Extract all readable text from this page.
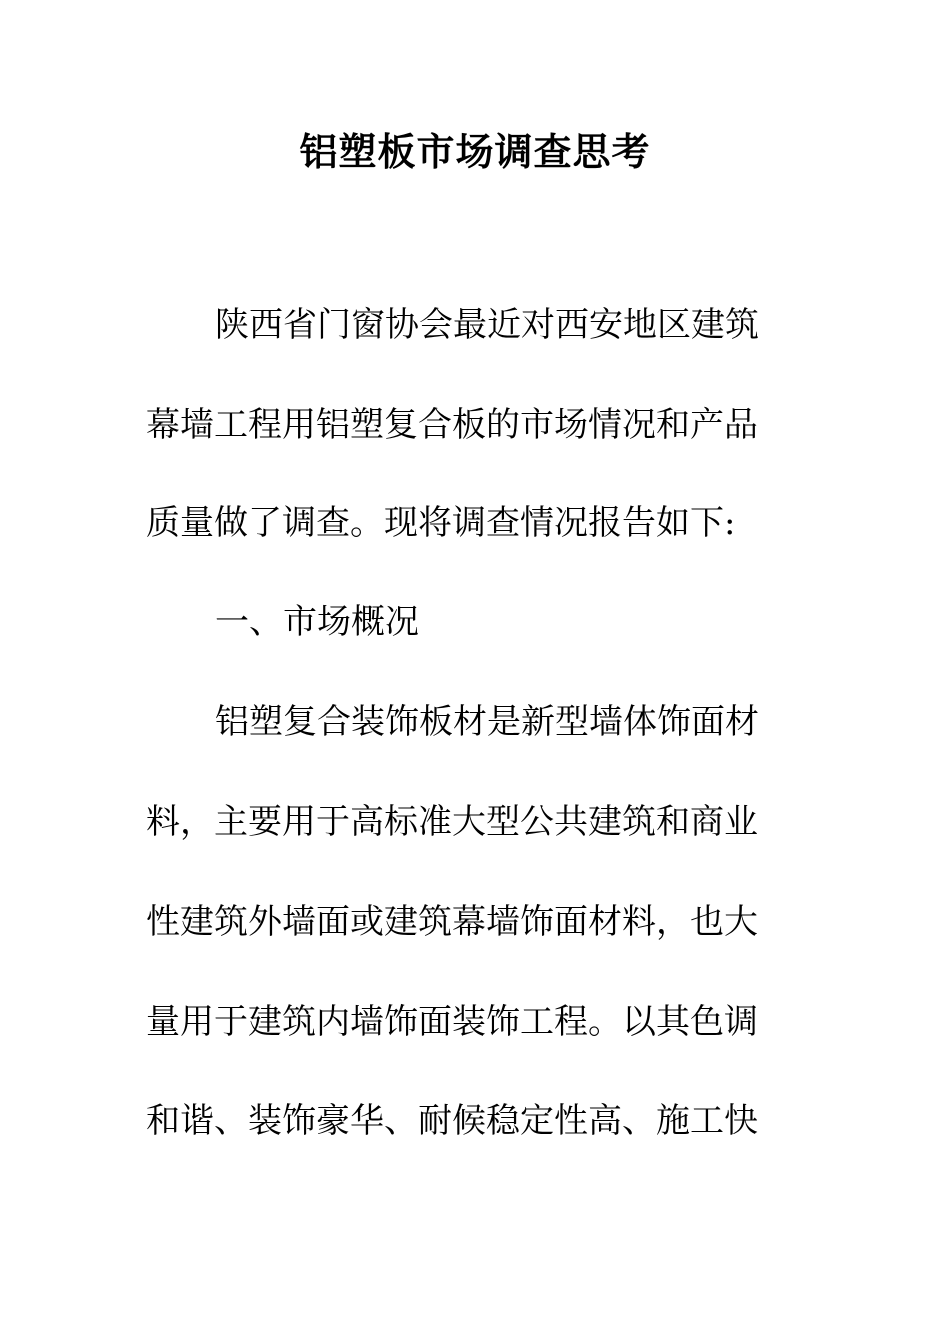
铝塑板市场调查思考

陕西省门窗协会最近对西安地区建筑

幕墙工程用铝塑复合板的市场情况和产品

质量做了调查。现将调查情况报告如下:

一、市场概况

铝塑复合装饰板材是新型墙体饰面材

料，主要用于高标准大型公共建筑和商业

性建筑外墙面或建筑幕墙饰面材料，也大

量用于建筑内墙饰面装饰工程。以其色调

和谐、装饰豪华、耐候稳定性高、施工快
